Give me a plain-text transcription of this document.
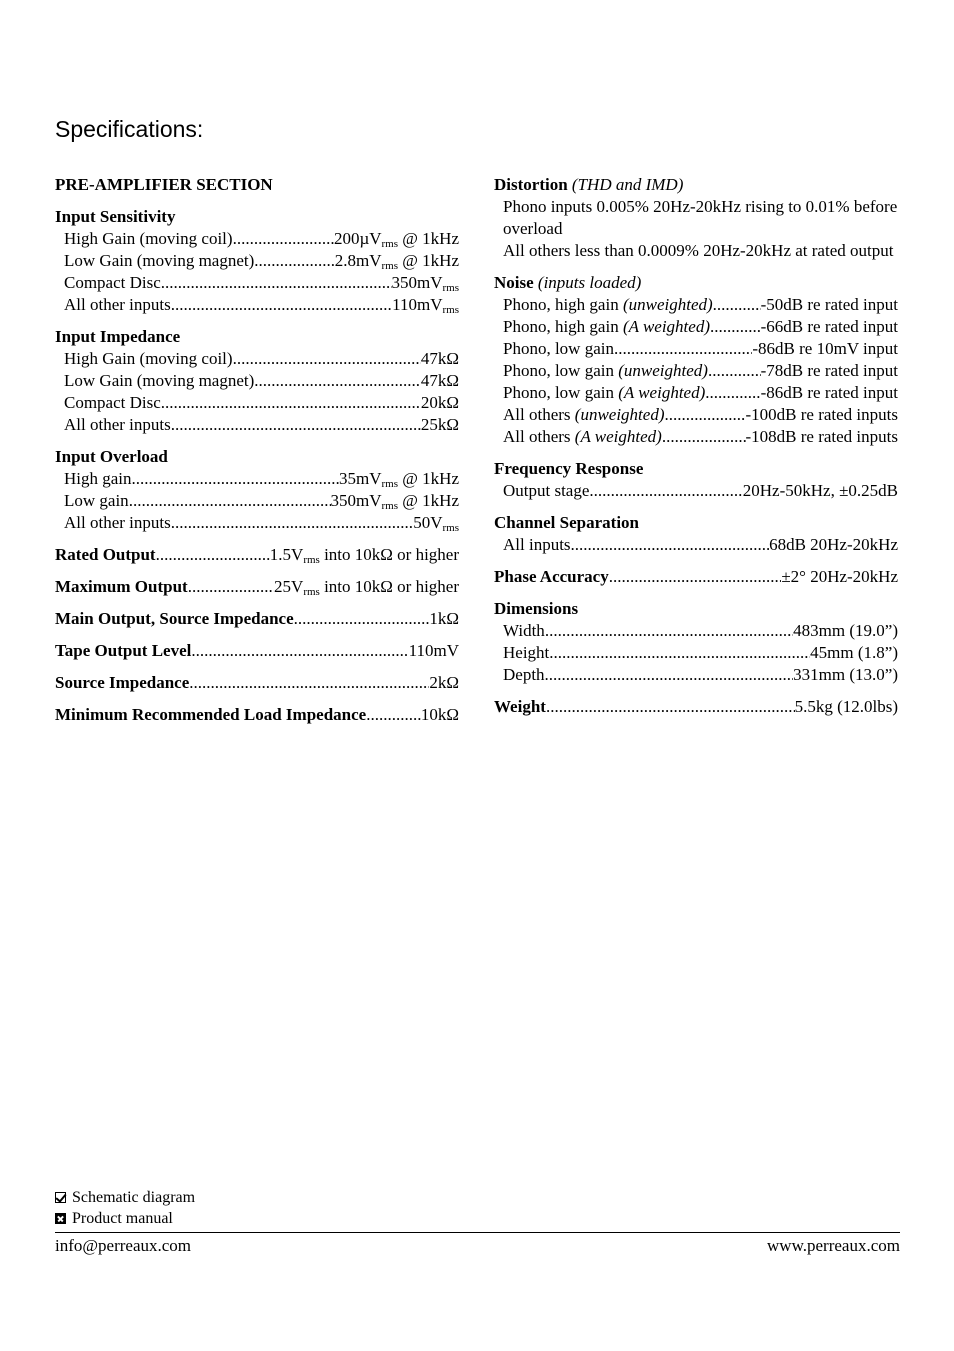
Specifications:
PRE-AMPLIFIER SECTION
Input Sensitivity
High Gain (moving coil) .....	200µV$_{rms}$ @ 1kHz
Low Gain (moving magnet) .....	$2.8mV_{rms}$ @ 1kHz
Compact Disc .....	$350mV_{rms}$
All other inputs .....	$110mV_{rms}$
Input Impedance
High Gain (moving coil) .....	47kΩ
Low Gain (moving magnet) .....	47kΩ
Compact Disc .....	20kΩ
All other inputs .....	25kΩ
Input Overload
High gain .....	$35mV_{rms}$ @ 1kHz
Low gain .....	$350mV_{rms}$ @ 1kHz
All other inputs .....	$50V_{rms}$
Rated Output .....	$1.5V_{rms}$ into 10kΩ or higher
Maximum Output .....	$25V_{rms}$ into 10kΩ or higher
Main Output, Source Impedance .....	1kΩ
Tape Output Level .....	110mV
Source Impedance .....	2kΩ
Minimum Recommended Load Impedance .....	10kΩ
Distortion (THD and IMD)
Phono inputs 0.005% 20Hz-20kHz rising to 0.01% before overload
All others less than 0.0009% 20Hz-20kHz at rated output
Noise (inputs loaded)
Phono, high gain (unweighted) .....	-50dB re rated input
Phono, high gain (A weighted) .....	-66dB re rated input
Phono, low gain .....	-86dB re 10mV input
Phono, low gain (unweighted) .....	-78dB re rated input
Phono, low gain (A weighted) .....	-86dB re rated input
All others (unweighted) .....	-100dB re rated inputs
All others (A weighted) .....	-108dB re rated inputs
Frequency Response
Output stage .....	20Hz-50kHz, ±0.25dB
Channel Separation
All inputs .....	68dB 20Hz-20kHz
Phase Accuracy .....	±2° 20Hz-20kHz
Dimensions
Width .....	483mm (19.0”)
Height .....	45mm (1.8”)
Depth .....	331mm (13.0”)
Weight .....	5.5kg (12.0lbs)
Schematic diagram
Product manual
info@perreaux.com	www.perreaux.com
